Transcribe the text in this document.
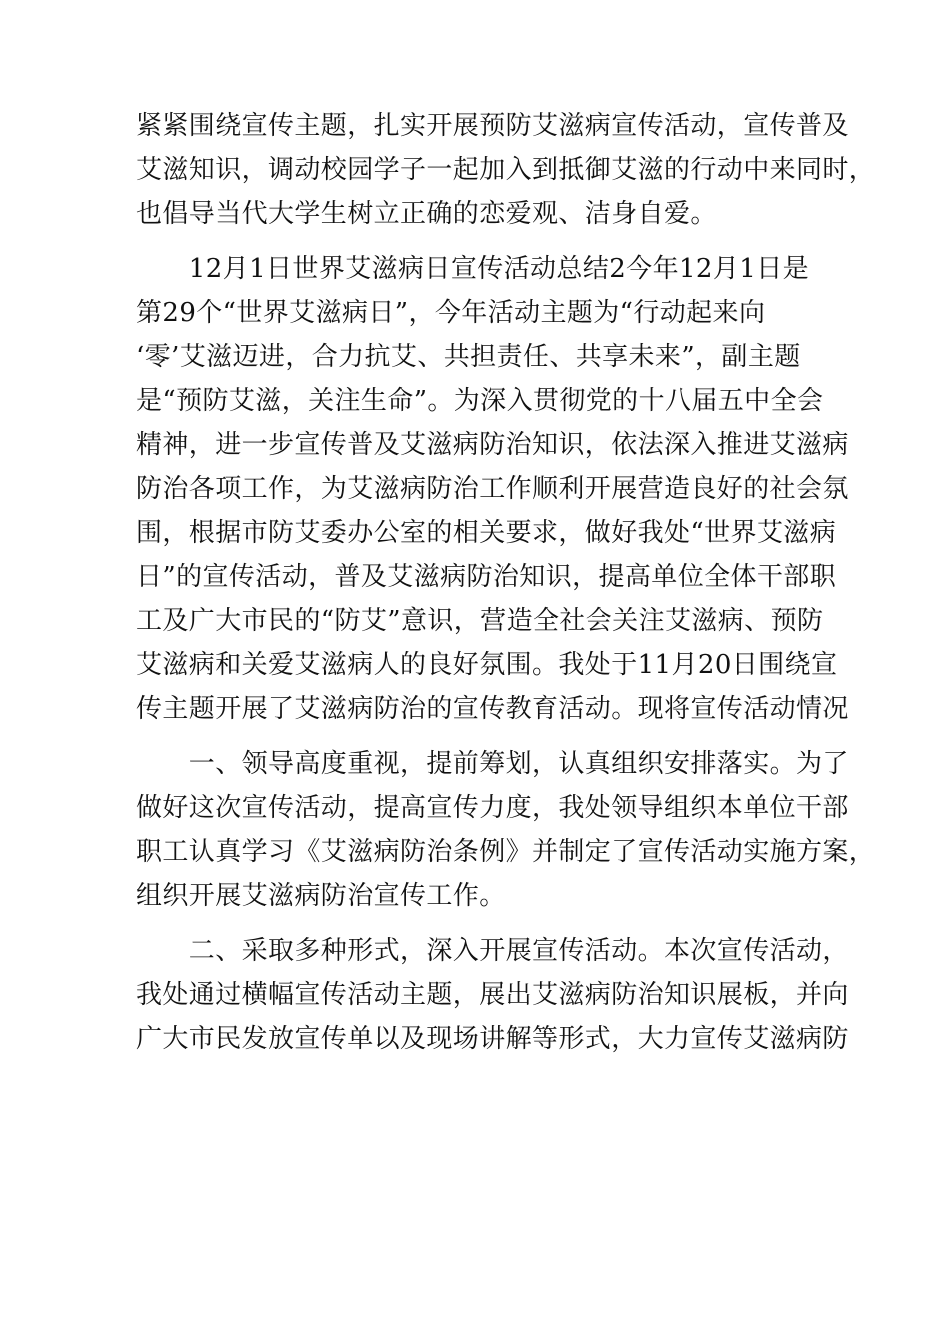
紧紧围绕宣传主题，扎实开展预防艾滋病宣传活动，宣传普及
艾滋知识，调动校园学子一起加入到抵御艾滋的行动中来同时，
也倡导当代大学生树立正确的恋爱观、洁身自爱。
　　12月1日世界艾滋病日宣传活动总结2今年12月1日是
第29个“世界艾滋病日”，今年活动主题为“行动起来向
‘零’艾滋迈进，合力抗艾、共担责任、共享未来”，副主题
是“预防艾滋，关注生命”。为深入贯彻党的十八届五中全会
精神，进一步宣传普及艾滋病防治知识，依法深入推进艾滋病
防治各项工作，为艾滋病防治工作顺利开展营造良好的社会氛
围，根据市防艾委办公室的相关要求，做好我处“世界艾滋病
日”的宣传活动，普及艾滋病防治知识，提高单位全体干部职
工及广大市民的“防艾”意识，营造全社会关注艾滋病、预防
艾滋病和关爱艾滋病人的良好氛围。我处于11月20日围绕宣
传主题开展了艾滋病防治的宣传教育活动。现将宣传活动情况
　　一、领导高度重视，提前筹划，认真组织安排落实。为了
做好这次宣传活动，提高宣传力度，我处领导组织本单位干部
职工认真学习《艾滋病防治条例》并制定了宣传活动实施方案，
组织开展艾滋病防治宣传工作。
　　二、采取多种形式，深入开展宣传活动。本次宣传活动，
我处通过横幅宣传活动主题，展出艾滋病防治知识展板，并向
广大市民发放宣传单以及现场讲解等形式，大力宣传艾滋病防
